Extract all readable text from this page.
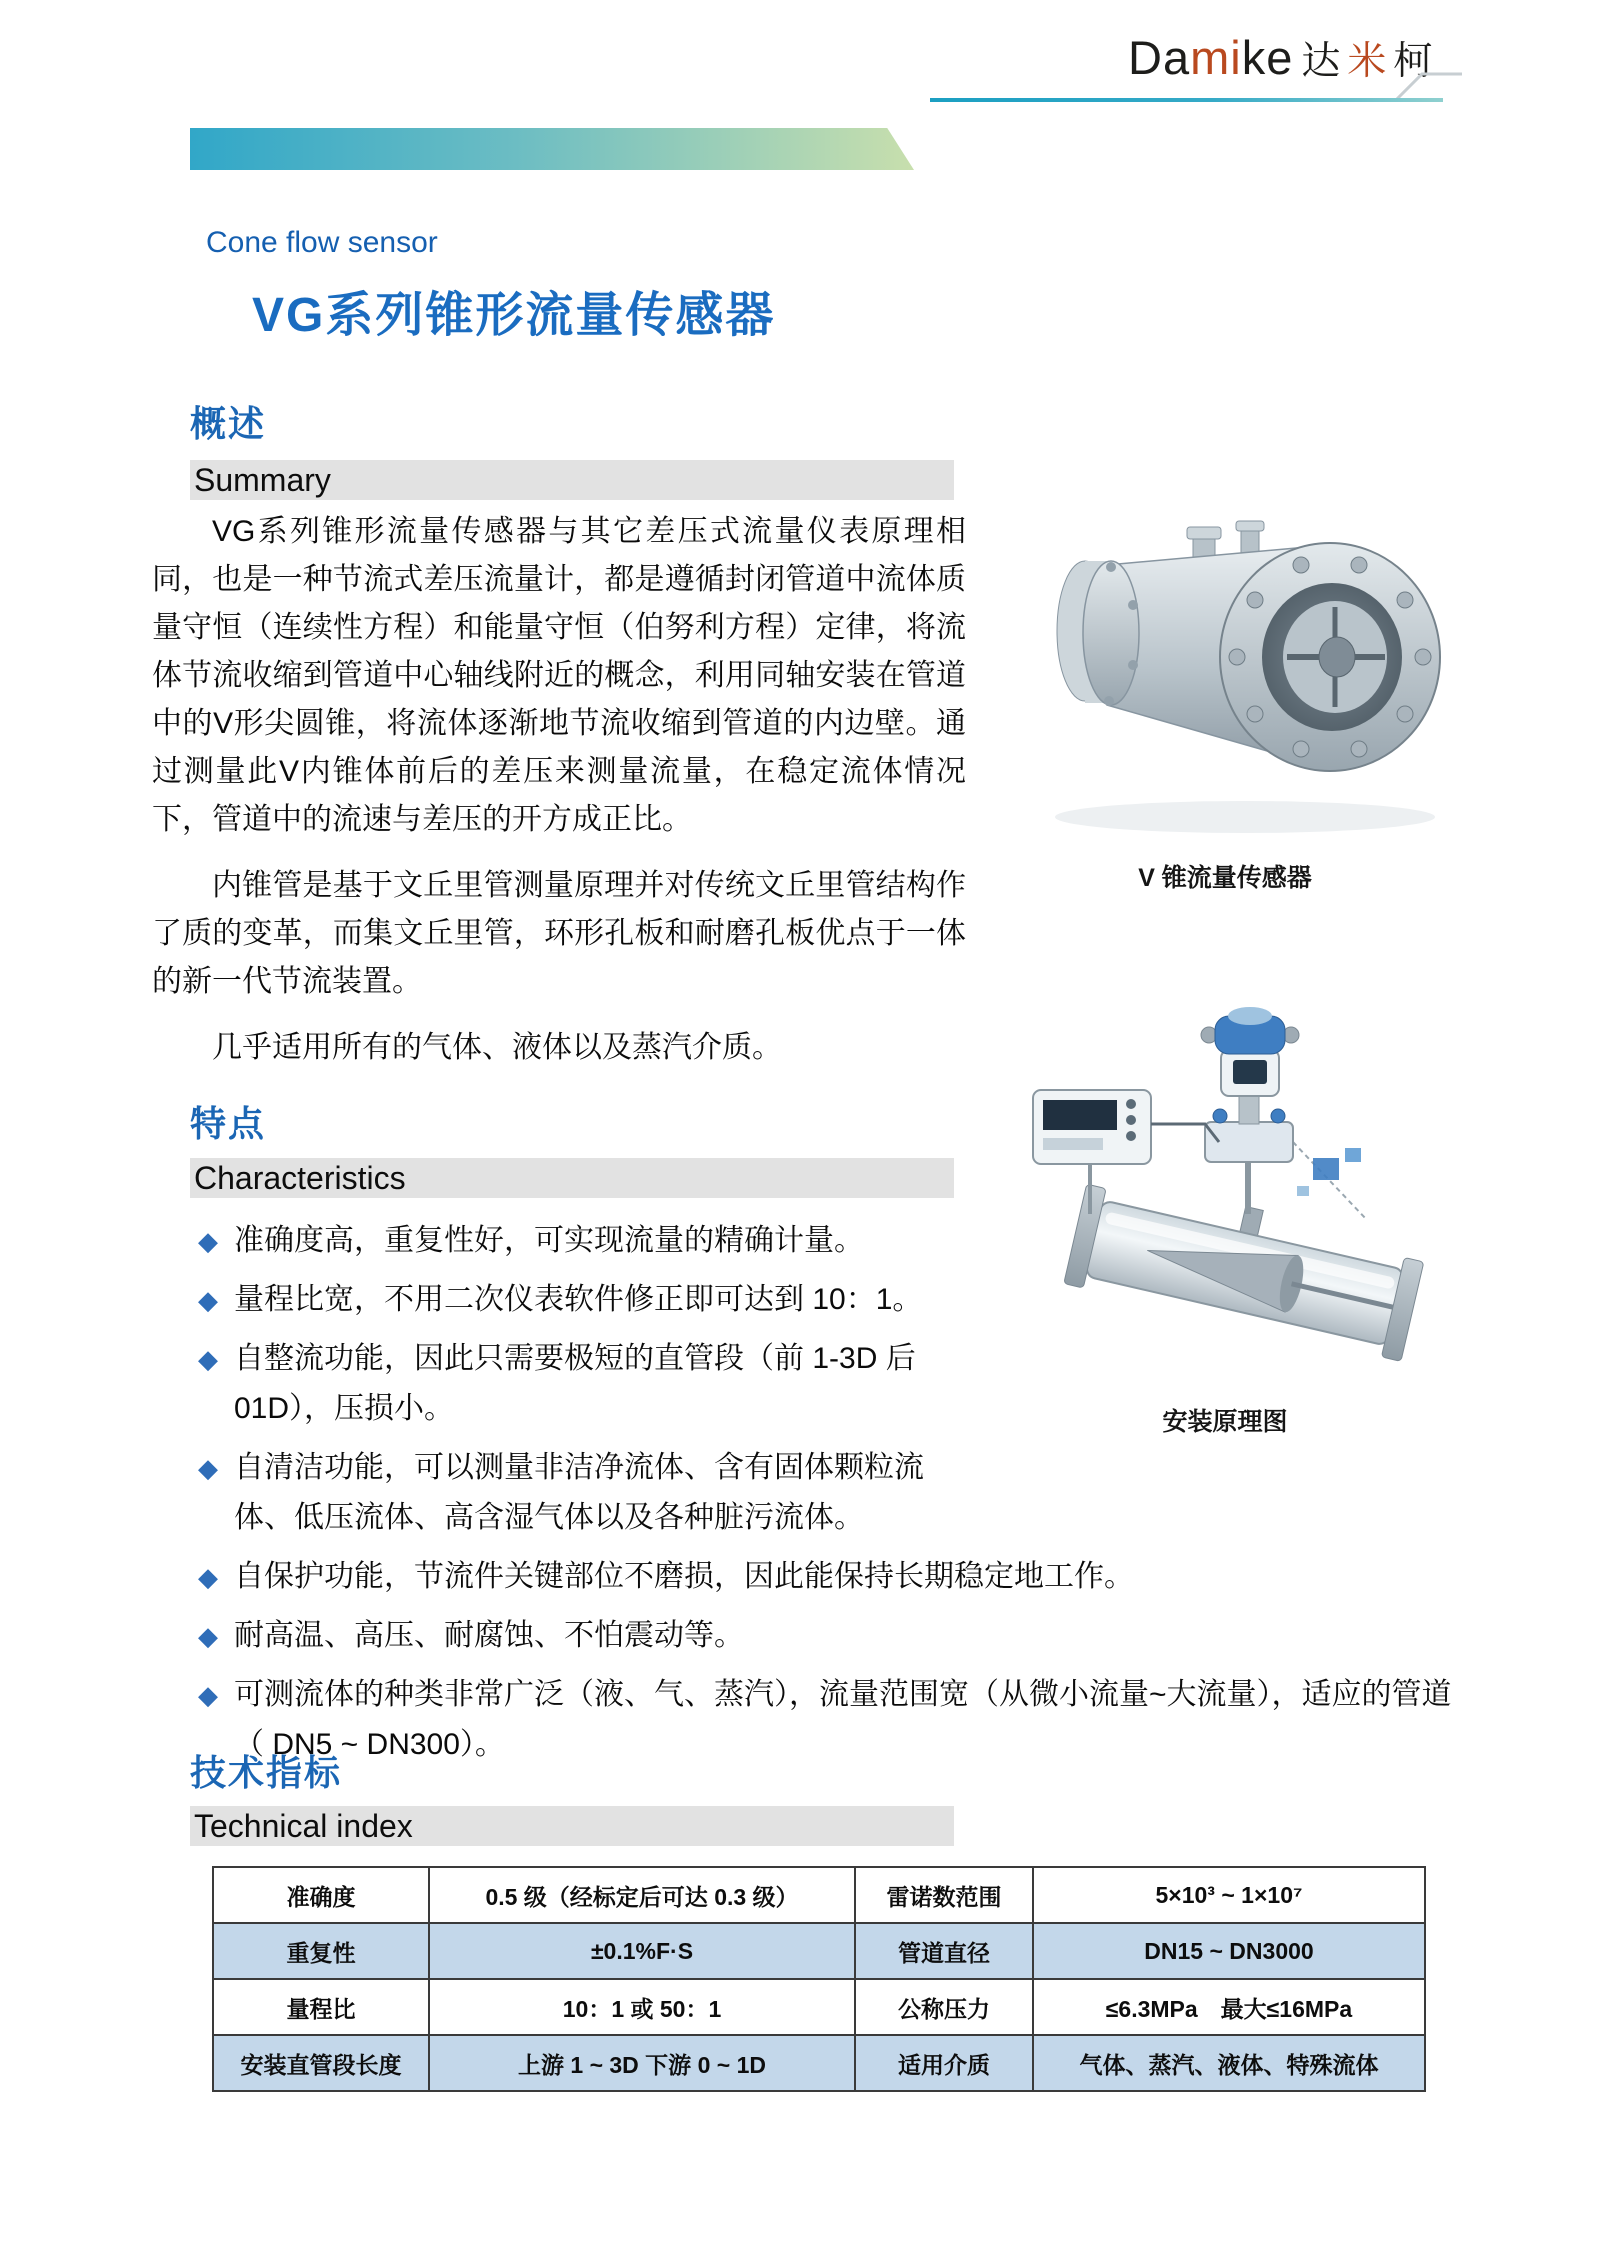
Da mi ke 达米柯
Cone flow sensor
VG系列锥形流量传感器
概述
Summary

VG系列锥形流量传感器与其它差压式流量仪表原理相同，也是一种节流式差压流量计，都是遵循封闭管道中流体质量守恒（连续性方程）和能量守恒（伯努利方程）定律，将流体节流收缩到管道中心轴线附近的概念，利用同轴安装在管道中的V形尖圆锥，将流体逐渐地节流收缩到管道的内边壁。通过测量此V内锥体前后的差压来测量流量，在稳定流体情况下，管道中的流速与差压的开方成正比。

内锥管是基于文丘里管测量原理并对传统文丘里管结构作了质的变革，而集文丘里管，环形孔板和耐磨孔板优点于一体的新一代节流装置。

几乎适用所有的气体、液体以及蒸汽介质。

V 锥流量传感器
安装原理图
特点
Characteristics
◆ 准确度高，重复性好，可实现流量的精确计量。
◆ 量程比宽，不用二次仪表软件修正即可达到 10：1。
◆ 自整流功能，因此只需要极短的直管段（前 1-3D 后 01D），压损小。
◆ 自清洁功能，可以测量非洁净流体、含有固体颗粒流体、低压流体、高含湿气体以及各种脏污流体。
◆ 自保护功能，节流件关键部位不磨损，因此能保持长期稳定地工作。
◆ 耐高温、高压、耐腐蚀、不怕震动等。
◆ 可测流体的种类非常广泛（液、气、蒸汽），流量范围宽（从微小流量~大流量），适应的管道（ DN5 ~ DN300）。
技术指标
Technical index
准确度	0.5 级（经标定后可达 0.3 级）	雷诺数范围	5×10³ ~ 1×10⁷
重复性	±0.1%F·S	管道直径	DN15 ~ DN3000
量程比	10：1 或 50：1	公称压力	≤6.3MPa　最大≤16MPa
安装直管段长度	上游 1 ~ 3D 下游 0 ~ 1D	适用介质	气体、蒸汽、液体、特殊流体
